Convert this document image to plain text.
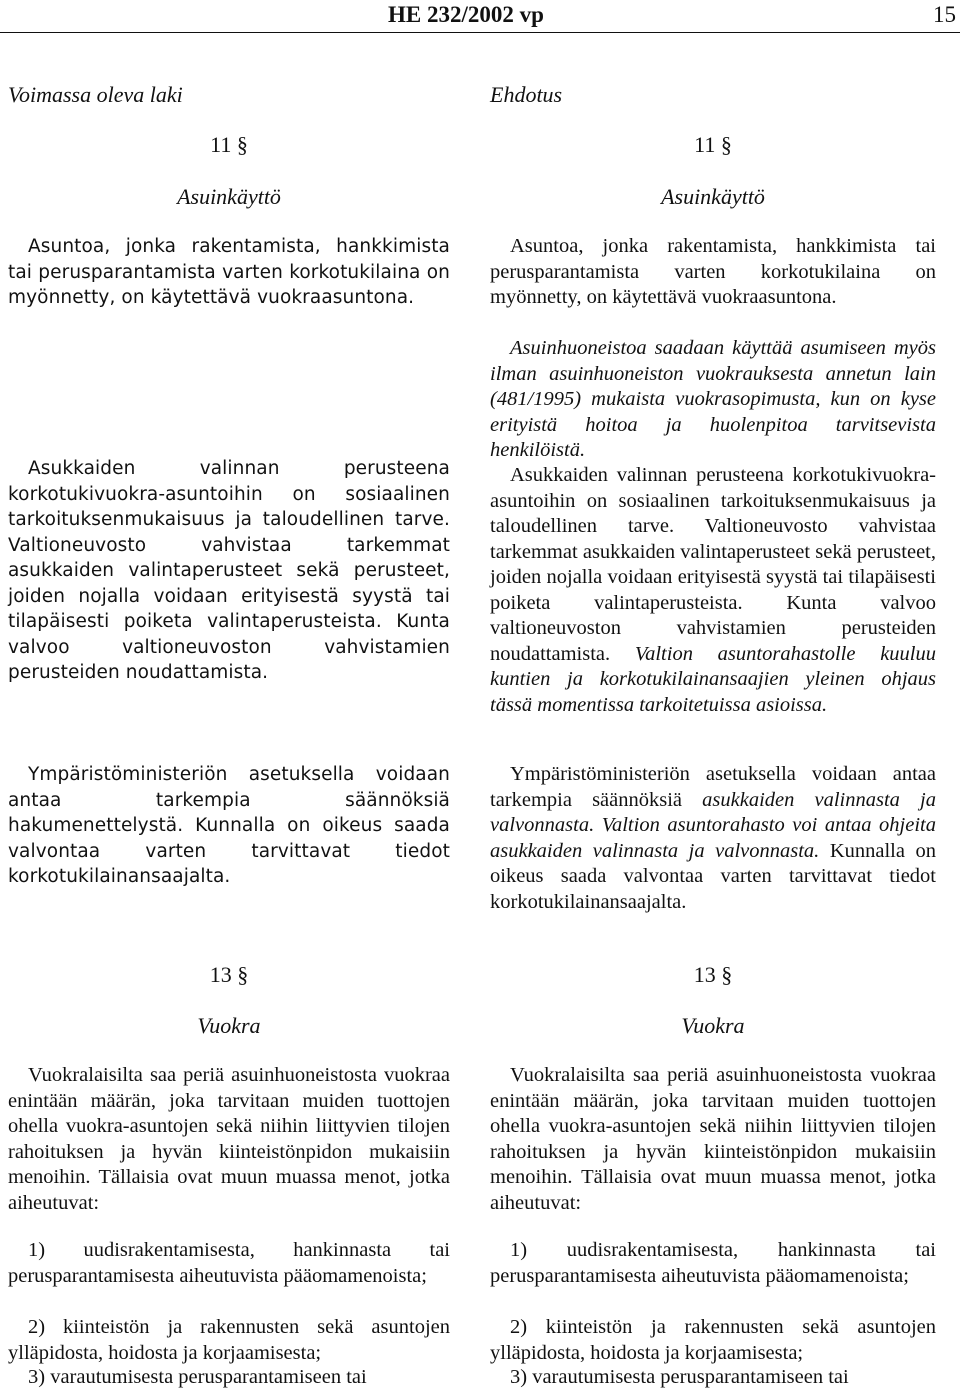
HE 232/2002 vp	15
Voimassa oleva laki
11 §
Asuinkäyttö

Asuntoa, jonka rakentamista, hankkimista tai perusparantamista varten korkotukilaina on myönnetty, on käytettävä vuokraasuntona.

Asukkaiden valinnan perusteena korkotukivuokra-asuntoihin on sosiaalinen tarkoituksenmukaisuus ja taloudellinen tarve. Valtioneuvosto vahvistaa tarkemmat asukkaiden valintaperusteet sekä perusteet, joiden nojalla voidaan erityisestä syystä tai tilapäisesti poiketa valintaperusteista. Kunta valvoo valtioneuvoston vahvistamien perusteiden noudattamista.

Ympäristöministeriön asetuksella voidaan antaa tarkempia säännöksiä hakumenettelystä. Kunnalla on oikeus saada valvontaa varten tarvittavat tiedot korkotukilainansaajalta.

13 §
Vuokra

Vuokralaisilta saa periä asuinhuoneistosta vuokraa enintään määrän, joka tarvitaan muiden tuottojen ohella vuokra-asuntojen sekä niihin liittyvien tilojen rahoituksen ja hyvän kiinteistönpidon mukaisiin menoihin. Tällaisia ovat muun muassa menot, jotka aiheutuvat:

1) uudisrakentamisesta, hankinnasta tai perusparantamisesta aiheutuvista pääomamenoista;

2) kiinteistön ja rakennusten sekä asuntojen ylläpidosta, hoidosta ja korjaamisesta;

3) varautumisesta perusparantamiseen tai

Ehdotus
11 §
Asuinkäyttö

Asuntoa, jonka rakentamista, hankkimista tai perusparantamista varten korkotukilaina on myönnetty, on käytettävä vuokraasuntona.

Asuinhuoneistoa saadaan käyttää asumiseen myös ilman asuinhuoneiston vuokrauksesta annetun lain (481/1995) mukaista vuokrasopimusta, kun on kyse erityistä hoitoa ja huolenpitoa tarvitsevista henkilöistä.

Asukkaiden valinnan perusteena korkotukivuokra-asuntoihin on sosiaalinen tarkoituksenmukaisuus ja taloudellinen tarve. Valtioneuvosto vahvistaa tarkemmat asukkaiden valintaperusteet sekä perusteet, joiden nojalla voidaan erityisestä syystä tai tilapäisesti poiketa valintaperusteista. Kunta valvoo valtioneuvoston vahvistamien perusteiden noudattamista. Valtion asuntorahastolle kuuluu kuntien ja korkotukilainansaajien yleinen ohjaus tässä momentissa tarkoitetuissa asioissa.

Ympäristöministeriön asetuksella voidaan antaa tarkempia säännöksiä asukkaiden valinnasta ja valvonnasta. Valtion asuntorahasto voi antaa ohjeita asukkaiden valinnasta ja valvonnasta. Kunnalla on oikeus saada valvontaa varten tarvittavat tiedot korkotukilainansaajalta.

13 §
Vuokra

Vuokralaisilta saa periä asuinhuoneistosta vuokraa enintään määrän, joka tarvitaan muiden tuottojen ohella vuokra-asuntojen sekä niihin liittyvien tilojen rahoituksen ja hyvän kiinteistönpidon mukaisiin menoihin. Tällaisia ovat muun muassa menot, jotka aiheutuvat:

1) uudisrakentamisesta, hankinnasta tai perusparantamisesta aiheutuvista pääomamenoista;

2) kiinteistön ja rakennusten sekä asuntojen ylläpidosta, hoidosta ja korjaamisesta;

3) varautumisesta perusparantamiseen tai
